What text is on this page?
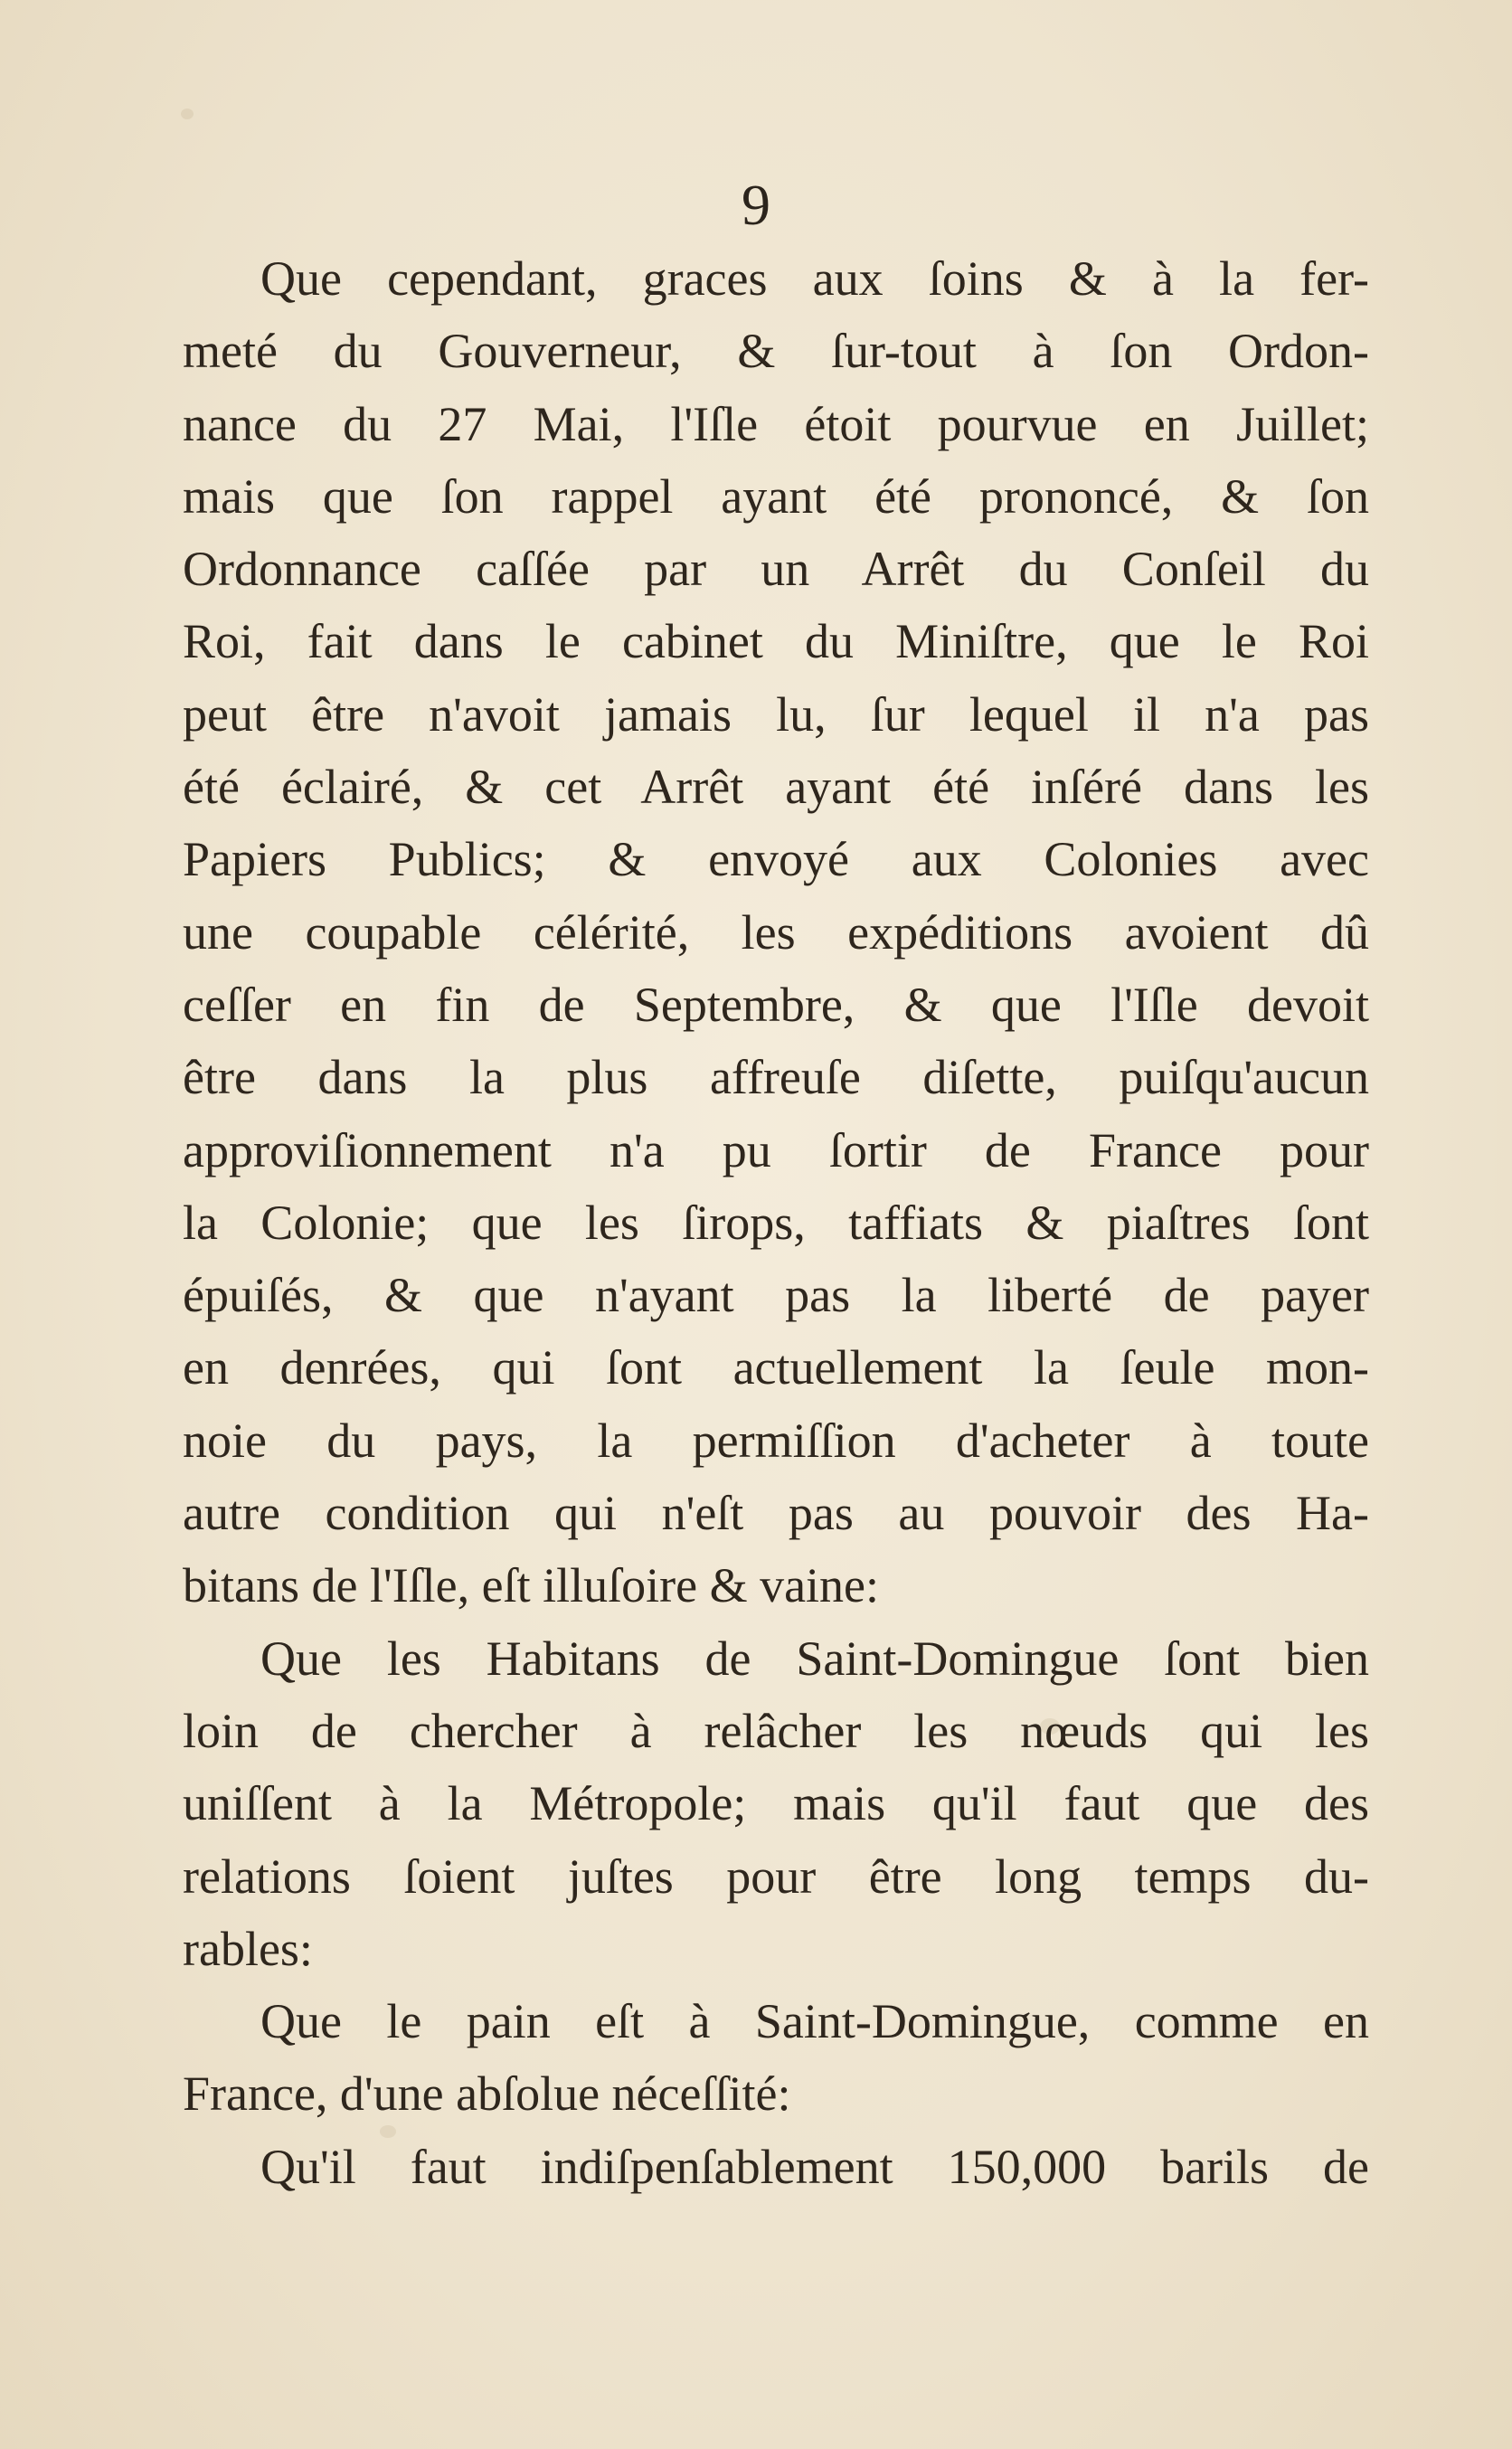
9
Que cependant, graces aux ſoins & à la fer-
meté du Gouverneur, & ſur-tout à ſon Ordon-
nance du 27 Mai, l'Iſle étoit pourvue en Juillet;
mais que ſon rappel ayant été prononcé, & ſon
Ordonnance caſſée par un Arrêt du Conſeil du
Roi, fait dans le cabinet du Miniſtre, que le Roi
peut être n'avoit jamais lu, ſur lequel il n'a pas
été éclairé, & cet Arrêt ayant été inſéré dans les
Papiers Publics; & envoyé aux Colonies avec
une coupable célérité, les expéditions avoient dû
ceſſer en fin de Septembre, & que l'Iſle devoit
être dans la plus affreuſe diſette, puiſqu'aucun
approviſionnement n'a pu ſortir de France pour
la Colonie; que les ſirops, taffiats & piaſtres ſont
épuiſés, & que n'ayant pas la liberté de payer
en denrées, qui ſont actuellement la ſeule mon-
noie du pays, la permiſſion d'acheter à toute
autre condition qui n'eſt pas au pouvoir des Ha-
bitans de l'Iſle, eſt illuſoire & vaine:
Que les Habitans de Saint-Domingue ſont bien
loin de chercher à relâcher les nœuds qui les
uniſſent à la Métropole; mais qu'il faut que des
relations ſoient juſtes pour être long temps du-
rables:
Que le pain eſt à Saint-Domingue, comme en
France, d'une abſolue néceſſité:
Qu'il faut indiſpenſablement 150,000 barils de
